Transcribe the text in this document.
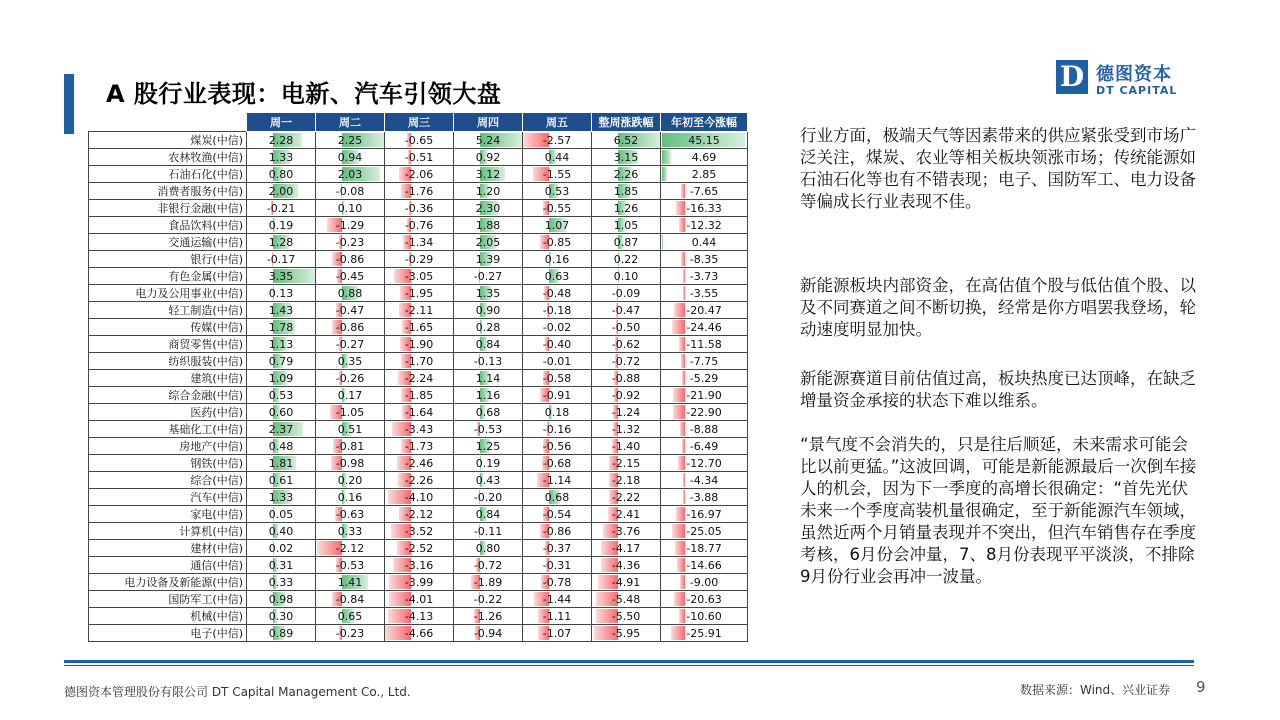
A 股行业表现：电新、汽车引领大盘
D 德图资本
DT CAPITAL
	周一	周二	周三	周四	周五	整周涨跌幅	年初至今涨幅
煤炭(中信)	2.28	2.25	-0.65	5.24	-2.57	6.52	45.15
农林牧渔(中信)	1.33	0.94	-0.51	0.92	0.44	3.15	4.69
石油石化(中信)	0.80	2.03	-2.06	3.12	-1.55	2.26	2.85
消费者服务(中信)	2.00	-0.08	-1.76	1.20	0.53	1.85	-7.65
非银行金融(中信)	-0.21	0.10	-0.36	2.30	-0.55	1.26	-16.33
食品饮料(中信)	0.19	-1.29	-0.76	1.88	1.07	1.05	-12.32
交通运输(中信)	1.28	-0.23	-1.34	2.05	-0.85	0.87	0.44
银行(中信)	-0.17	-0.86	-0.29	1.39	0.16	0.22	-8.35
有色金属(中信)	3.35	-0.45	-3.05	-0.27	0.63	0.10	-3.73
电力及公用事业(中信)	0.13	0.88	-1.95	1.35	-0.48	-0.09	-3.55
轻工制造(中信)	1.43	-0.47	-2.11	0.90	-0.18	-0.47	-20.47
传媒(中信)	1.78	-0.86	-1.65	0.28	-0.02	-0.50	-24.46
商贸零售(中信)	1.13	-0.27	-1.90	0.84	-0.40	-0.62	-11.58
纺织服装(中信)	0.79	0.35	-1.70	-0.13	-0.01	-0.72	-7.75
建筑(中信)	1.09	-0.26	-2.24	1.14	-0.58	-0.88	-5.29
综合金融(中信)	0.53	0.17	-1.85	1.16	-0.91	-0.92	-21.90
医药(中信)	0.60	-1.05	-1.64	0.68	0.18	-1.24	-22.90
基础化工(中信)	2.37	0.51	-3.43	-0.53	-0.16	-1.32	-8.88
房地产(中信)	0.48	-0.81	-1.73	1.25	-0.56	-1.40	-6.49
钢铁(中信)	1.81	-0.98	-2.46	0.19	-0.68	-2.15	-12.70
综合(中信)	0.61	0.20	-2.26	0.43	-1.14	-2.18	-4.34
汽车(中信)	1.33	0.16	-4.10	-0.20	0.68	-2.22	-3.88
家电(中信)	0.05	-0.63	-2.12	0.84	-0.54	-2.41	-16.97
计算机(中信)	0.40	0.33	-3.52	-0.11	-0.86	-3.76	-25.05
建材(中信)	0.02	-2.12	-2.52	0.80	-0.37	-4.17	-18.77
通信(中信)	0.31	-0.53	-3.16	-0.72	-0.31	-4.36	-14.66
电力设备及新能源(中信)	0.33	1.41	-3.99	-1.89	-0.78	-4.91	-9.00
国防军工(中信)	0.98	-0.84	-4.01	-0.22	-1.44	-5.48	-20.63
机械(中信)	0.30	0.65	-4.13	-1.26	-1.11	-5.50	-10.60
电子(中信)	0.89	-0.23	-4.66	-0.94	-1.07	-5.95	-25.91
行业方面，极端天气等因素带来的供应紧张受到市场广泛关注，煤炭、农业等相关板块领涨市场；传统能源如石油石化等也有不错表现；电子、国防军工、电力设备等偏成长行业表现不佳。
新能源板块内部资金，在高估值个股与低估值个股、以及不同赛道之间不断切换，经常是你方唱罢我登场，轮动速度明显加快。
新能源赛道目前估值过高，板块热度已达顶峰，在缺乏增量资金承接的状态下难以维系。
“景气度不会消失的，只是往后顺延，未来需求可能会比以前更猛。”这波回调，可能是新能源最后一次倒车接人的机会，因为下一季度的高增长很确定：“首先光伏未来一个季度高装机量很确定，至于新能源汽车领域，虽然近两个月销量表现并不突出，但汽车销售存在季度考核，6月份会冲量，7、8月份表现平平淡淡，不排除9月份行业会再冲一波量。
德图资本管理股份有限公司 DT Capital Management Co., Ltd.	数据来源：Wind、兴业证券 9
